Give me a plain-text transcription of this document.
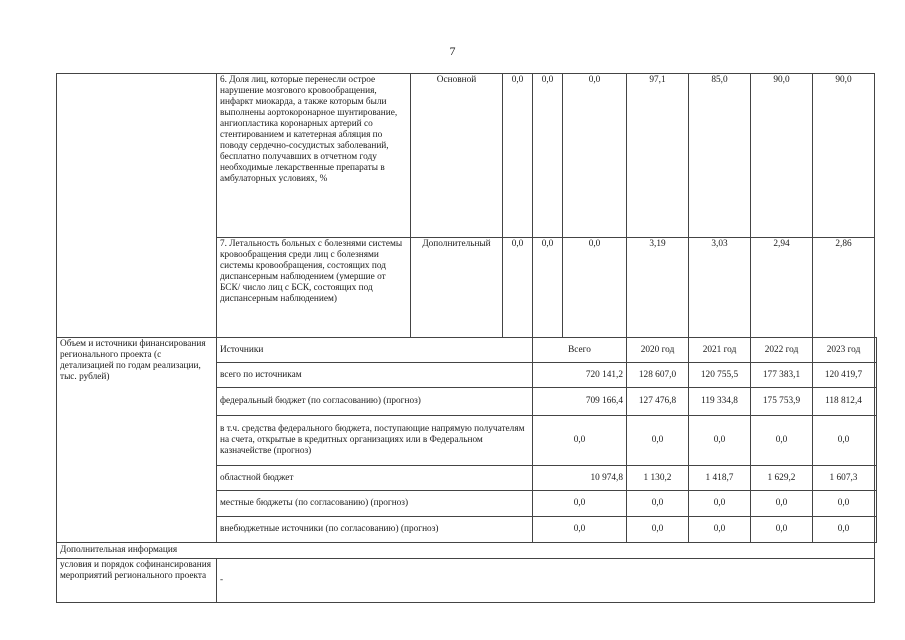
7
	6. Доля лиц, которые перенесли острое нарушение мозгового кровообращения, инфаркт миокарда, а также которым были выполнены аортокоронарное шунтирование, ангиопластика коронарных артерий со стентированием и катетерная абляция по поводу сердечно-сосудистых заболеваний, бесплатно получавших в отчетном году необходимые лекарственные препараты в амбулаторных условиях, %	Основной	0,0	0,0	0,0	97,1	85,0	90,0	90,0	
	7. Летальность больных с болезнями системы кровообращения среди лиц с болезнями системы кровообращения, состоящих под диспансерным наблюдением (умершие от БСК/ число лиц с БСК, состоящих под диспансерным наблюдением)	Дополнительный	0,0	0,0	0,0	3,19	3,03	2,94	2,86	
Объем и источники финансирования регионального проекта (с детализацией по годам реализации, тыс. рублей)	Источники			Всего		2020 год	2021 год	2022 год	2023 год	
	всего по источникам			720 141,2		128 607,0	120 755,5	177 383,1	120 419,7	
	федеральный бюджет (по согласованию) (прогноз)			709 166,4		127 476,8	119 334,8	175 753,9	118 812,4	
	в т.ч. средства федерального бюджета, поступающие напрямую получателям на счета, открытые в кредитных организациях или в Федеральном казначействе (прогноз)			0,0		0,0	0,0	0,0	0,0	
	областной бюджет			10 974,8		1 130,2	1 418,7	1 629,2	1 607,3	
	местные бюджеты (по согласованию) (прогноз)			0,0		0,0	0,0	0,0	0,0	
	внебюджетные источники (по согласованию) (прогноз)			0,0		0,0	0,0	0,0	0,0	
Дополнительная информация										
условия и порядок софинансирования мероприятий регионального проекта	-									
